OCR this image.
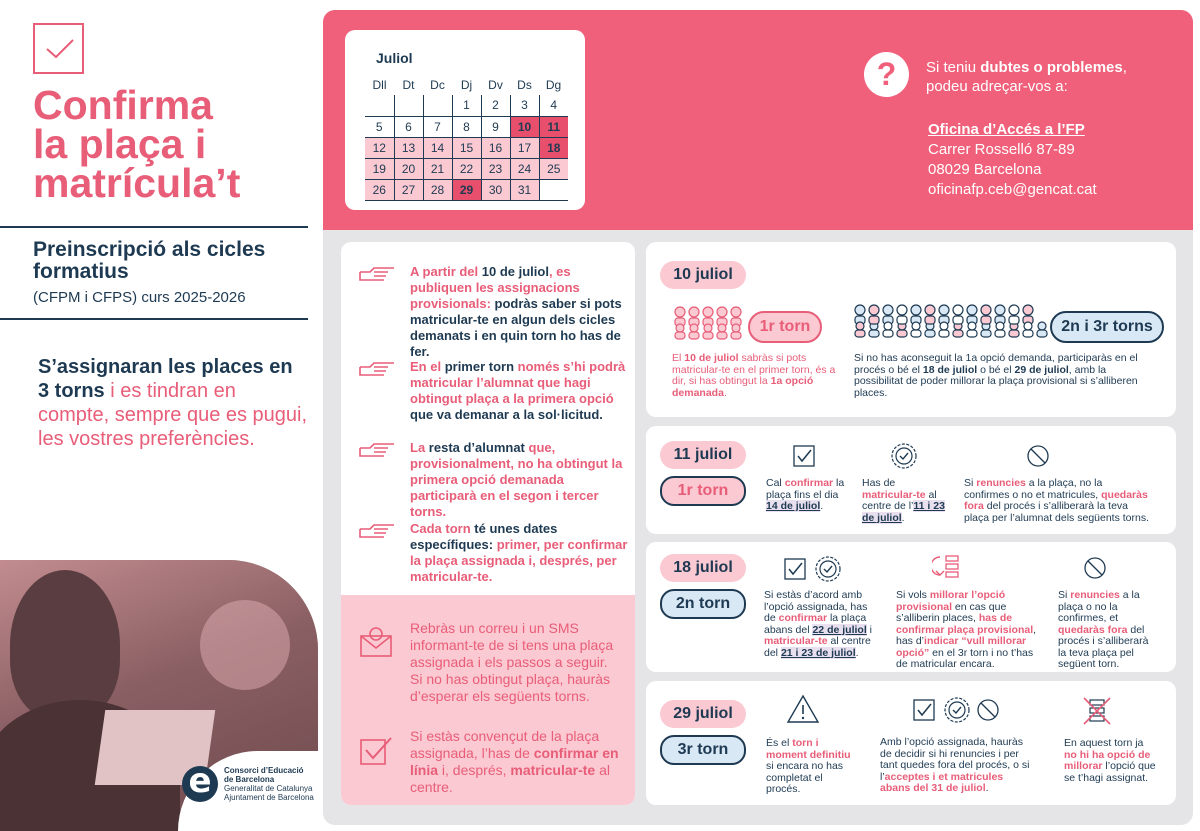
Confirma
la plaça i
matrícula’t
Preinscripció als cicles formatius
(CFPM i CFPS) curs 2025-2026
S’assignaran les places en 3 torns i es tindran en compte, sempre que es pugui, les vostres preferències.
e	Consorci d’Educació
de Barcelona
Generalitat de Catalunya
Ajuntament de Barcelona
Juliol
Dll	Dt	Dc	Dj	Dv	Ds	Dg
			1	2	3	4
5	6	7	8	9	10	11
12	13	14	15	16	17	18
19	20	21	22	23	24	25
26	27	28	29	30	31	
?	Si teniu dubtes o problemes,
podeu adreçar-vos a:
Oficina d’Accés a l’FP
Carrer Rosselló 87-89
08029 Barcelona
oficinafp.ceb@gencat.cat
A partir del 10 de juliol, es publiquen les assignacions provisionals: podràs saber si pots matricular-te en algun dels cicles demanats i en quin torn ho has de fer.
En el primer torn només s’hi podrà matricular l’alumnat que hagi obtingut plaça a la primera opció que va demanar a la sol·licitud.
La resta d’alumnat que, provisionalment, no ha obtingut la primera opció demanada participarà en el segon i tercer torns.
Cada torn té unes dates específiques: primer, per confirmar la plaça assignada i, després, per matricular-te.
Rebràs un correu i un SMS informant-te de si tens una plaça assignada i els passos a seguir. Si no has obtingut plaça, hauràs d’esperar els següents torns.
Si estàs convençut de la plaça assignada, l’has de confirmar en línia i, després, matricular-te al centre.
10 juliol
1r torn	2n i 3r torns
El 10 de juliol sabràs si pots matricular-te en el primer torn, és a dir, si has obtingut la 1a opció demanada.
Si no has aconseguit la 1a opció demanda, participaràs en el procés o bé el 18 de juliol o bé el 29 de juliol, amb la possibilitat de poder millorar la plaça provisional si s’alliberen places.
11 juliol
1r torn	Cal confirmar la plaça fins el dia 14 de juliol.
Has de matricular-te al centre de l’11 i 23 de juliol.
Si renuncies a la plaça, no la confirmes o no et matricules, quedaràs fora del procés i s’alliberarà la teva plaça per l’alumnat dels següents torns.
18 juliol
2n torn	Si estàs d’acord amb l’opció assignada, has de confirmar la plaça abans del 22 de juliol i matricular-te al centre del 21 i 23 de juliol.
Si vols millorar l’opció provisional en cas que s’alliberin places, has de confirmar plaça provisional, has d’indicar “vull millorar opció” en el 3r torn i no t’has de matricular encara.
Si renuncies a la plaça o no la confirmes, et quedaràs fora del procés i s’alliberarà la teva plaça pel següent torn.
29 juliol
3r torn	És el torn i moment definitiu si encara no has completat el procés.
Amb l’opció assignada, hauràs de decidir si hi renuncies i per tant quedes fora del procés, o si l’acceptes i et matricules abans del 31 de juliol.
En aquest torn ja no hi ha opció de millorar l’opció que se t’hagi assignat.
